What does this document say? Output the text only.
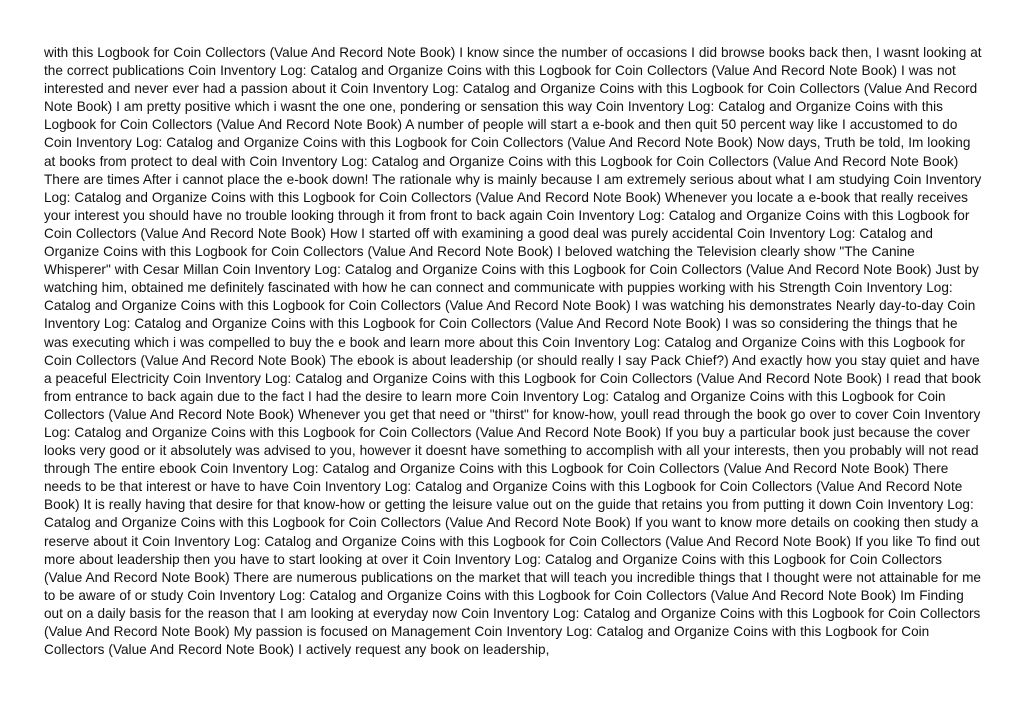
with this Logbook for Coin Collectors (Value And Record Note Book) I know since the number of occasions I did browse books back then, I wasnt looking at the correct publications Coin Inventory Log: Catalog and Organize Coins with this Logbook for Coin Collectors (Value And Record Note Book) I was not interested and never ever had a passion about it Coin Inventory Log: Catalog and Organize Coins with this Logbook for Coin Collectors (Value And Record Note Book) I am pretty positive which i wasnt the one one, pondering or sensation this way Coin Inventory Log: Catalog and Organize Coins with this Logbook for Coin Collectors (Value And Record Note Book) A number of people will start a e-book and then quit 50 percent way like I accustomed to do Coin Inventory Log: Catalog and Organize Coins with this Logbook for Coin Collectors (Value And Record Note Book) Now days, Truth be told, Im looking at books from protect to deal with Coin Inventory Log: Catalog and Organize Coins with this Logbook for Coin Collectors (Value And Record Note Book) There are times After i cannot place the e-book down! The rationale why is mainly because I am extremely serious about what I am studying Coin Inventory Log: Catalog and Organize Coins with this Logbook for Coin Collectors (Value And Record Note Book) Whenever you locate a e-book that really receives your interest you should have no trouble looking through it from front to back again Coin Inventory Log: Catalog and Organize Coins with this Logbook for Coin Collectors (Value And Record Note Book) How I started off with examining a good deal was purely accidental Coin Inventory Log: Catalog and Organize Coins with this Logbook for Coin Collectors (Value And Record Note Book) I beloved watching the Television clearly show "The Canine Whisperer" with Cesar Millan Coin Inventory Log: Catalog and Organize Coins with this Logbook for Coin Collectors (Value And Record Note Book) Just by watching him, obtained me definitely fascinated with how he can connect and communicate with puppies working with his Strength Coin Inventory Log: Catalog and Organize Coins with this Logbook for Coin Collectors (Value And Record Note Book) I was watching his demonstrates Nearly day-to-day Coin Inventory Log: Catalog and Organize Coins with this Logbook for Coin Collectors (Value And Record Note Book) I was so considering the things that he was executing which i was compelled to buy the e book and learn more about this Coin Inventory Log: Catalog and Organize Coins with this Logbook for Coin Collectors (Value And Record Note Book) The ebook is about leadership (or should really I say Pack Chief?) And exactly how you stay quiet and have a peaceful Electricity Coin Inventory Log: Catalog and Organize Coins with this Logbook for Coin Collectors (Value And Record Note Book) I read that book from entrance to back again due to the fact I had the desire to learn more Coin Inventory Log: Catalog and Organize Coins with this Logbook for Coin Collectors (Value And Record Note Book) Whenever you get that need or "thirst" for know-how, youll read through the book go over to cover Coin Inventory Log: Catalog and Organize Coins with this Logbook for Coin Collectors (Value And Record Note Book) If you buy a particular book just because the cover looks very good or it absolutely was advised to you, however it doesnt have something to accomplish with all your interests, then you probably will not read through The entire ebook Coin Inventory Log: Catalog and Organize Coins with this Logbook for Coin Collectors (Value And Record Note Book) There needs to be that interest or have to have Coin Inventory Log: Catalog and Organize Coins with this Logbook for Coin Collectors (Value And Record Note Book) It is really having that desire for that know-how or getting the leisure value out on the guide that retains you from putting it down Coin Inventory Log: Catalog and Organize Coins with this Logbook for Coin Collectors (Value And Record Note Book) If you want to know more details on cooking then study a reserve about it Coin Inventory Log: Catalog and Organize Coins with this Logbook for Coin Collectors (Value And Record Note Book) If you like To find out more about leadership then you have to start looking at over it Coin Inventory Log: Catalog and Organize Coins with this Logbook for Coin Collectors (Value And Record Note Book) There are numerous publications on the market that will teach you incredible things that I thought were not attainable for me to be aware of or study Coin Inventory Log: Catalog and Organize Coins with this Logbook for Coin Collectors (Value And Record Note Book) Im Finding out on a daily basis for the reason that I am looking at everyday now Coin Inventory Log: Catalog and Organize Coins with this Logbook for Coin Collectors (Value And Record Note Book) My passion is focused on Management Coin Inventory Log: Catalog and Organize Coins with this Logbook for Coin Collectors (Value And Record Note Book) I actively request any book on leadership,
